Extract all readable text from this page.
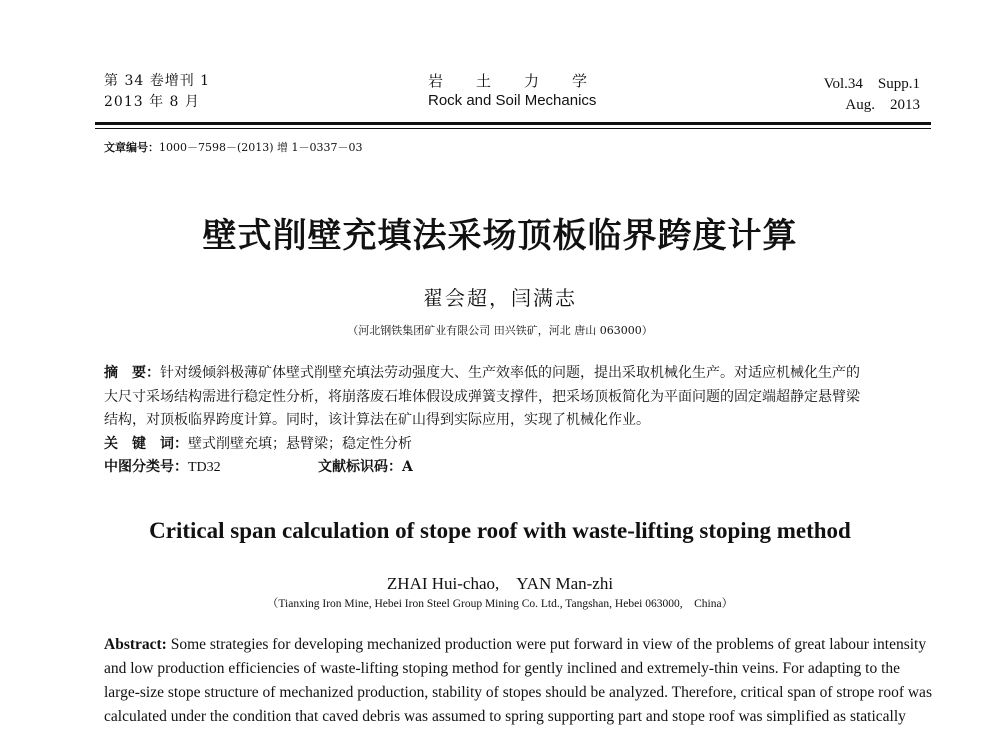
第 34 卷增刊 1
2013 年 8 月
岩　　土　　力　　学
Rock and Soil Mechanics
Vol.34　Supp.1
Aug.　2013
文章编号：1000－7598－(2013) 增 1－0337－03
壁式削壁充填法采场顶板临界跨度计算
翟会超，闫满志
（河北钢铁集团矿业有限公司 田兴铁矿，河北 唐山 063000）
摘　要：针对缓倾斜极薄矿体壁式削壁充填法劳动强度大、生产效率低的问题，提出采取机械化生产。对适应机械化生产的
大尺寸采场结构需进行稳定性分析，将崩落废石堆体假设成弹簧支撑件，把采场顶板简化为平面问题的固定端超静定悬臂梁
结构，对顶板临界跨度计算。同时，该计算法在矿山得到实际应用，实现了机械化作业。
关　键　词：壁式削壁充填；悬臂梁；稳定性分析
中图分类号：TD32	文献标识码：A
Critical span calculation of stope roof with waste-lifting stoping method
ZHAI Hui-chao,　YAN Man-zhi
（Tianxing Iron Mine, Hebei Iron Steel Group Mining Co. Ltd., Tangshan, Hebei 063000,　China）
Abstract: Some strategies for developing mechanized production were put forward in view of the problems of great labour intensity
and low production efficiencies of waste-lifting stoping method for gently inclined and extremely-thin veins. For adapting to the
large-size stope structure of mechanized production, stability of stopes should be analyzed. Therefore, critical span of strope roof was
calculated under the condition that caved debris was assumed to spring supporting part and stope roof was simplified as statically
